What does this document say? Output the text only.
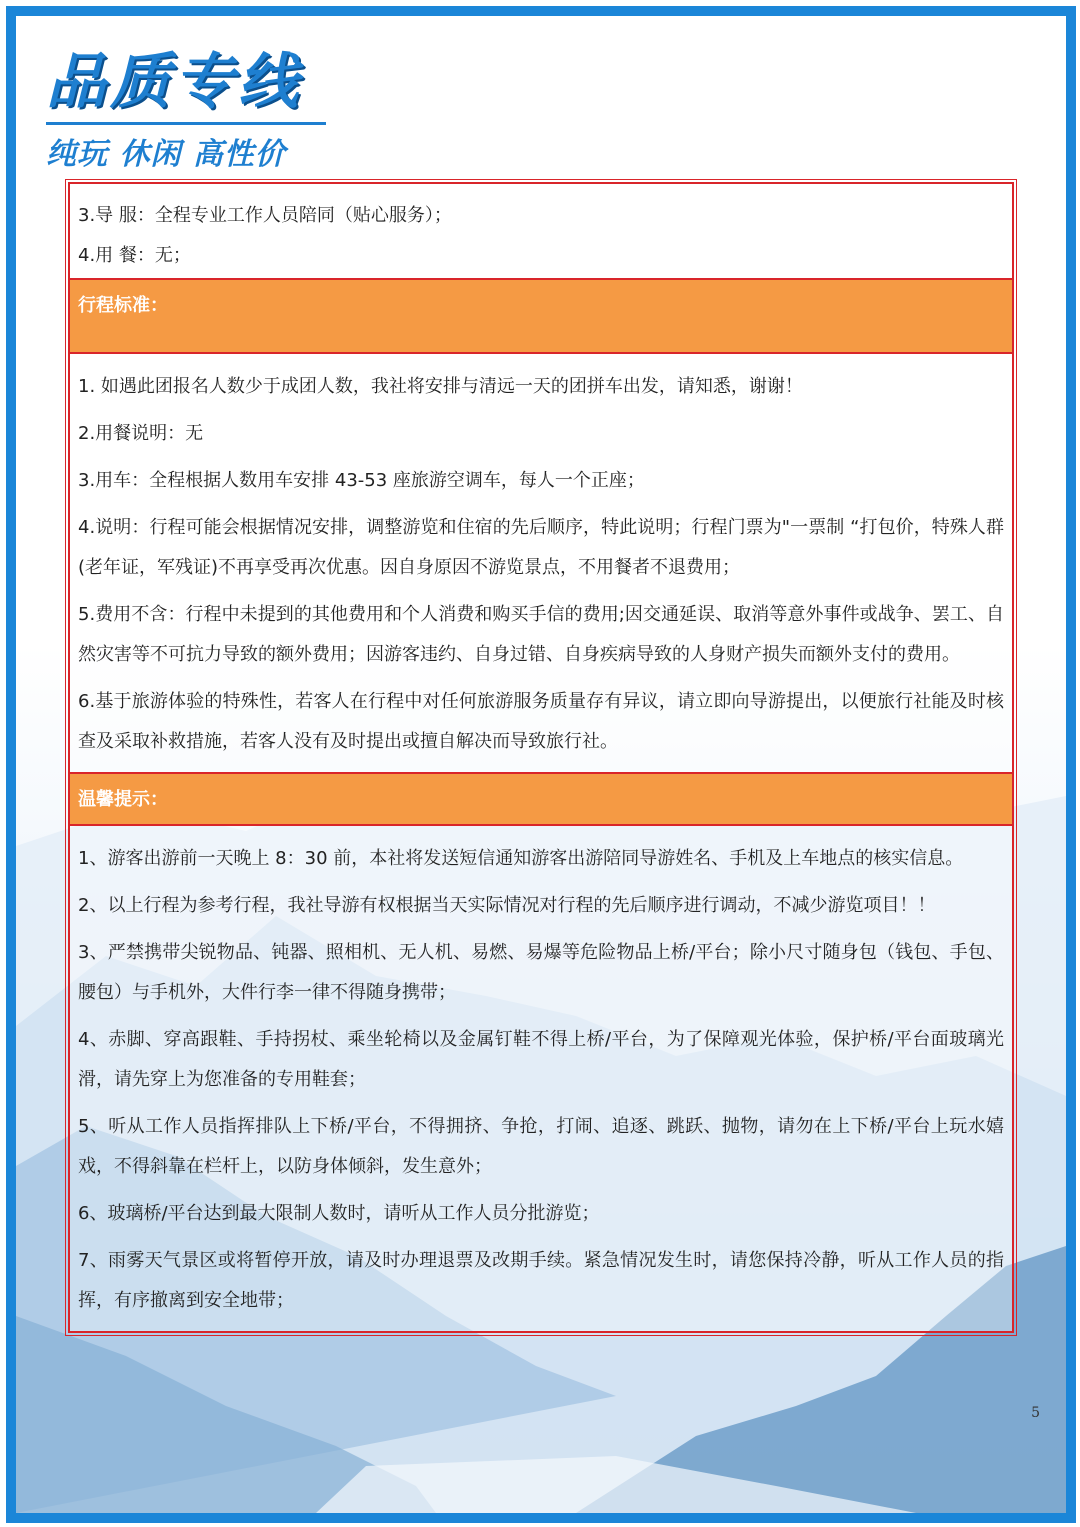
品质专线
纯玩 休闲 高性价
3.导 服：全程专业工作人员陪同（贴心服务）；
4.用 餐：无；
行程标准：
1. 如遇此团报名人数少于成团人数，我社将安排与清远一天的团拼车出发，请知悉，谢谢！
2.用餐说明：无
3.用车：全程根据人数用车安排 43-53 座旅游空调车，每人一个正座；
4.说明：行程可能会根据情况安排，调整游览和住宿的先后顺序，特此说明；行程门票为"一票制 “打包价，特殊人群(老年证，军残证)不再享受再次优惠。因自身原因不游览景点，不用餐者不退费用；
5.费用不含：行程中未提到的其他费用和个人消费和购买手信的费用;因交通延误、取消等意外事件或战争、罢工、自然灾害等不可抗力导致的额外费用；因游客违约、自身过错、自身疾病导致的人身财产损失而额外支付的费用。
6.基于旅游体验的特殊性，若客人在行程中对任何旅游服务质量存有异议，请立即向导游提出，以便旅行社能及时核查及采取补救措施，若客人没有及时提出或擅自解决而导致旅行社。
温馨提示：
1、游客出游前一天晚上 8：30 前，本社将发送短信通知游客出游陪同导游姓名、手机及上车地点的核实信息。
2、以上行程为参考行程，我社导游有权根据当天实际情况对行程的先后顺序进行调动，不减少游览项目！！
3、严禁携带尖锐物品、钝器、照相机、无人机、易燃、易爆等危险物品上桥/平台；除小尺寸随身包（钱包、手包、腰包）与手机外，大件行李一律不得随身携带；
4、赤脚、穿高跟鞋、手持拐杖、乘坐轮椅以及金属钉鞋不得上桥/平台，为了保障观光体验，保护桥/平台面玻璃光滑，请先穿上为您准备的专用鞋套；
5、听从工作人员指挥排队上下桥/平台，不得拥挤、争抢，打闹、追逐、跳跃、抛物，请勿在上下桥/平台上玩水嬉戏，不得斜靠在栏杆上，以防身体倾斜，发生意外；
6、玻璃桥/平台达到最大限制人数时，请听从工作人员分批游览；
7、雨雾天气景区或将暂停开放，请及时办理退票及改期手续。紧急情况发生时，请您保持冷静，听从工作人员的指挥，有序撤离到安全地带；
5
